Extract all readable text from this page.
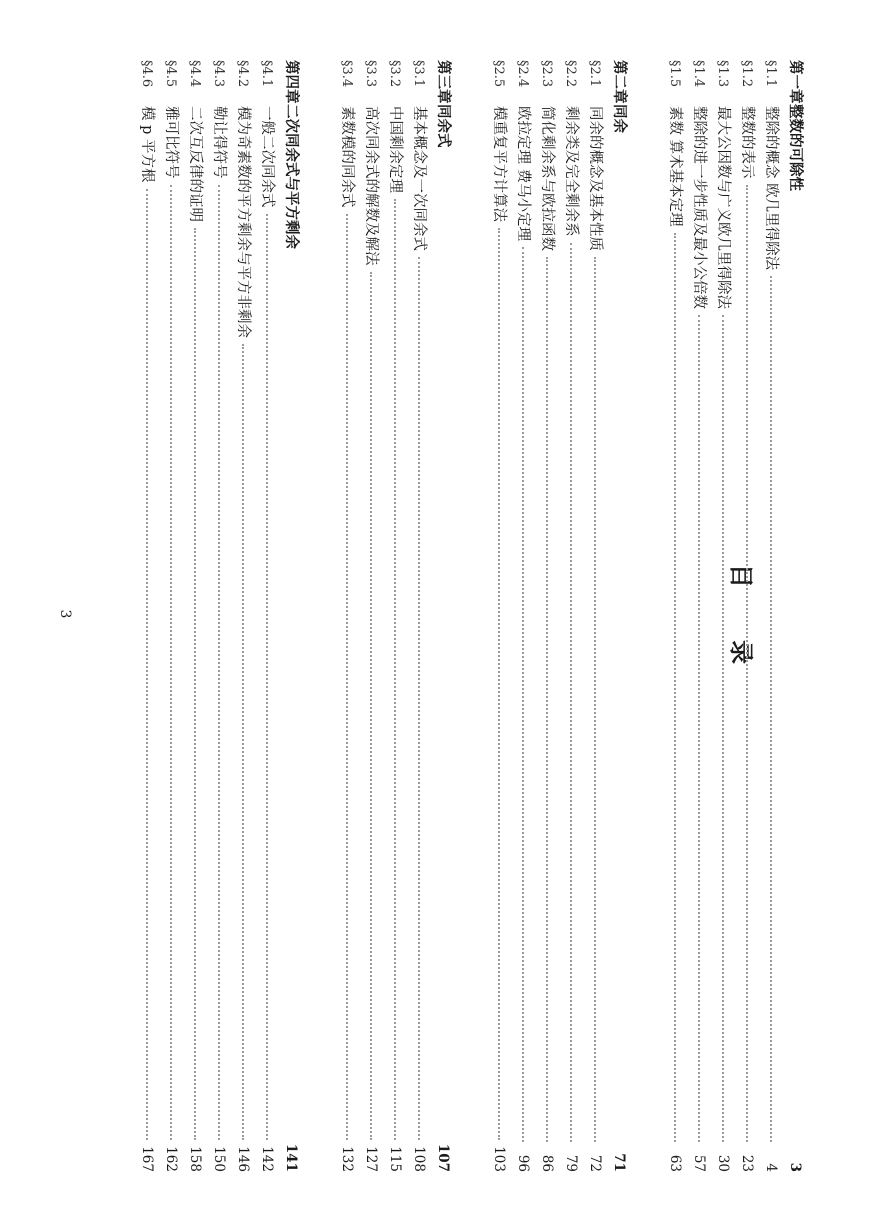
目 录
第一章
整数的可除性
3
§1.1
整除的概念 欧几里得除法
4
§1.2
整数的表示
23
§1.3
最大公因数与广义欧几里得除法
30
§1.4
整除的进一步性质及最小公倍数
57
§1.5
素数 算术基本定理
63
第二章
同余
71
§2.1
同余的概念及基本性质
72
§2.2
剩余类及完全剩余系
79
§2.3
简化剩余系与欧拉函数
86
§2.4
欧拉定理 费马小定理
96
§2.5
模重复平方计算法
103
第三章
同余式
107
§3.1
基本概念及一次同余式
108
§3.2
中国剩余定理
115
§3.3
高次同余式的解数及解法
127
§3.4
素数模的同余式
132
第四章
二次同余式与平方剩余
141
§4.1
一般二次同余式
142
§4.2
模为奇素数的平方剩余与平方非剩余
146
§4.3
勒让得符号
150
§4.4
二次互反律的证明
158
§4.5
雅可比符号
162
§4.6
模 p 平方根
167
3
